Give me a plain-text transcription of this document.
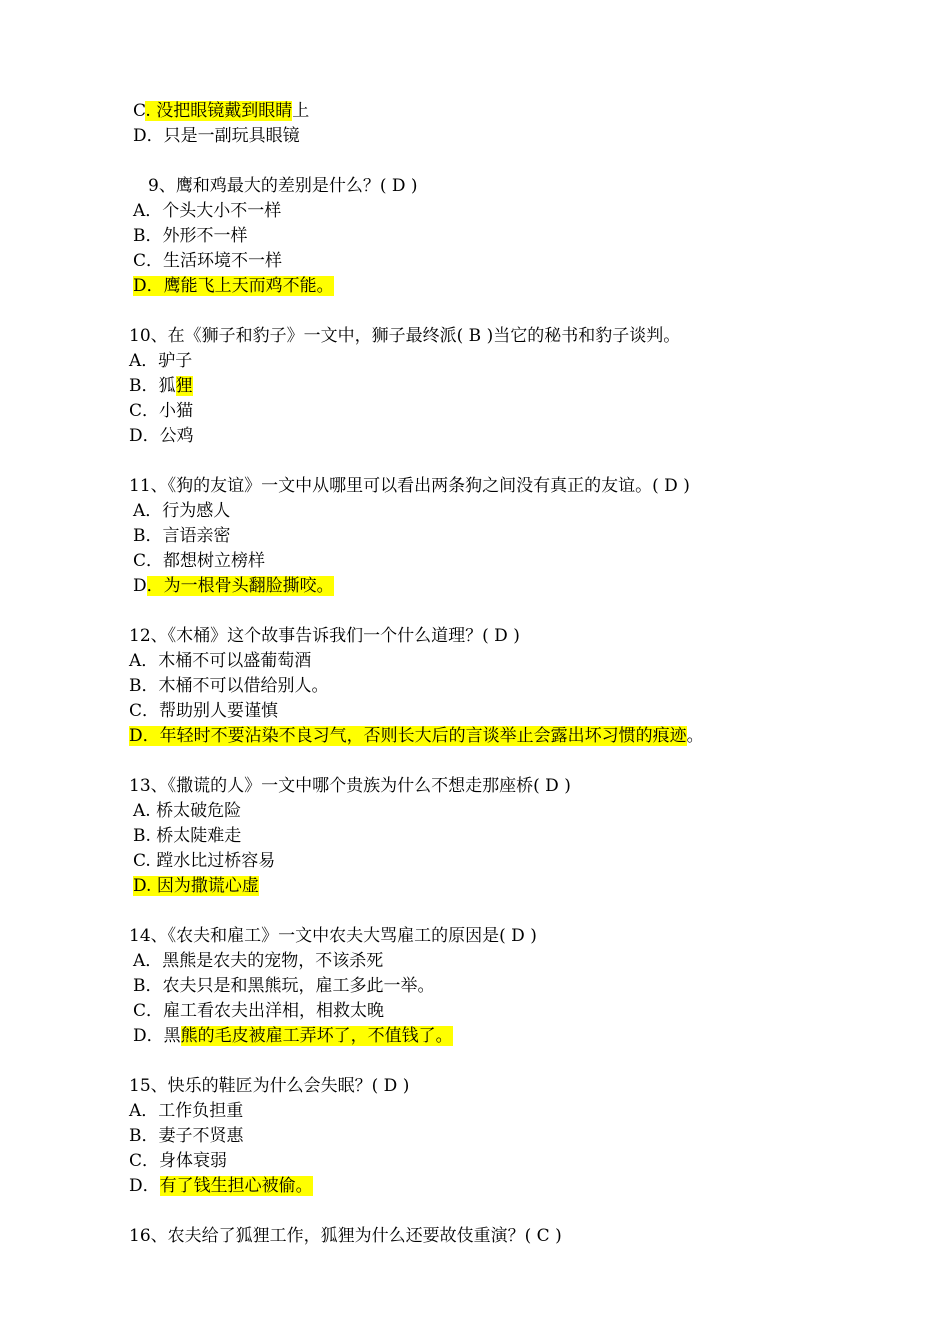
C. 没把眼镜戴到眼睛上
D．只是一副玩具眼镜
9、鹰和鸡最大的差别是什么？( D )
A．个头大小不一样
B．外形不一样
C．生活环境不一样
D．鹰能飞上天而鸡不能。
10、在《狮子和豹子》一文中，狮子最终派( B )当它的秘书和豹子谈判。
A．驴子
B．狐狸
C．小猫
D．公鸡
11、《狗的友谊》一文中从哪里可以看出两条狗之间没有真正的友谊。( D )
A．行为感人
B．言语亲密
C．都想树立榜样
D．为一根骨头翻脸撕咬。
12、《木桶》这个故事告诉我们一个什么道理？( D )
A．木桶不可以盛葡萄酒
B．木桶不可以借给别人。
C．帮助别人要谨慎
D．年轻时不要沾染不良习气，否则长大后的言谈举止会露出坏习惯的痕迹。
13、《撒谎的人》一文中哪个贵族为什么不想走那座桥( D )
A. 桥太破危险
B. 桥太陡难走
C. 蹚水比过桥容易
D. 因为撒谎心虚
14、《农夫和雇工》一文中农夫大骂雇工的原因是( D )
A．黑熊是农夫的宠物，不该杀死
B．农夫只是和黑熊玩，雇工多此一举。
C．雇工看农夫出洋相，相救太晚
D．黑熊的毛皮被雇工弄坏了，不值钱了。
15、快乐的鞋匠为什么会失眠？( D )
A．工作负担重
B．妻子不贤惠
C．身体衰弱
D．有了钱生担心被偷。
16、农夫给了狐狸工作，狐狸为什么还要故伎重演？( C )
